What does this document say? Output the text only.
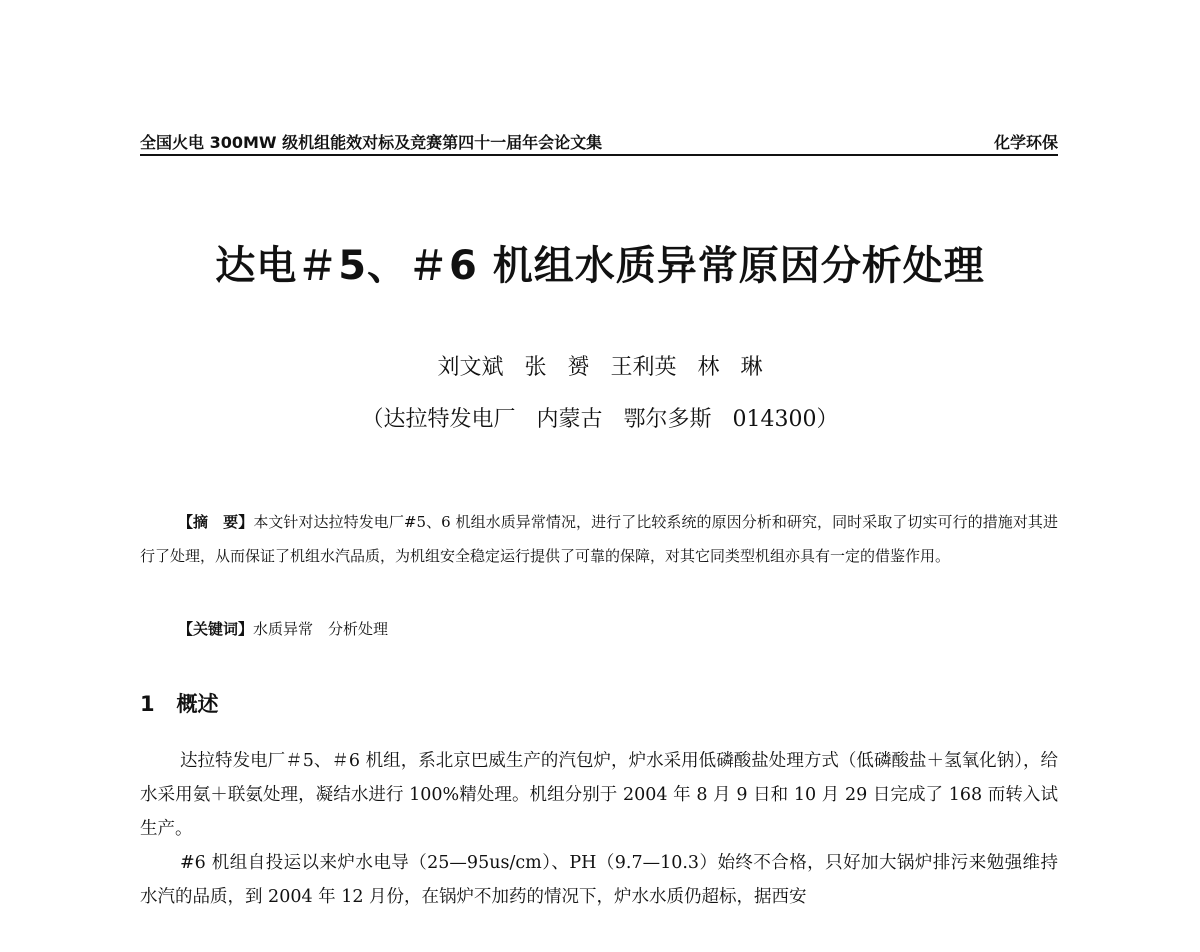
全国火电 300MW 级机组能效对标及竞赛第四十一届年会论文集	化学环保
达电＃5、＃6 机组水质异常原因分析处理
刘文斌   张   赟   王利英   林   琳
（达拉特发电厂   内蒙古   鄂尔多斯   014300）
【摘　要】本文针对达拉特发电厂#5、6 机组水质异常情况，进行了比较系统的原因分析和研究，同时采取了切实可行的措施对其进行了处理，从而保证了机组水汽品质，为机组安全稳定运行提供了可靠的保障，对其它同类型机组亦具有一定的借鉴作用。
【关键词】水质异常　分析处理
1   概述
达拉特发电厂＃5、＃6 机组，系北京巴威生产的汽包炉，炉水采用低磷酸盐处理方式（低磷酸盐＋氢氧化钠），给水采用氨＋联氨处理，凝结水进行 100%精处理。机组分别于 2004 年 8 月 9 日和 10 月 29 日完成了 168 而转入试生产。
#6 机组自投运以来炉水电导（25—95us/cm）、PH（9.7—10.3）始终不合格，只好加大锅炉排污来勉强维持水汽的品质，到 2004 年 12 月份，在锅炉不加药的情况下，炉水水质仍超标，据西安
